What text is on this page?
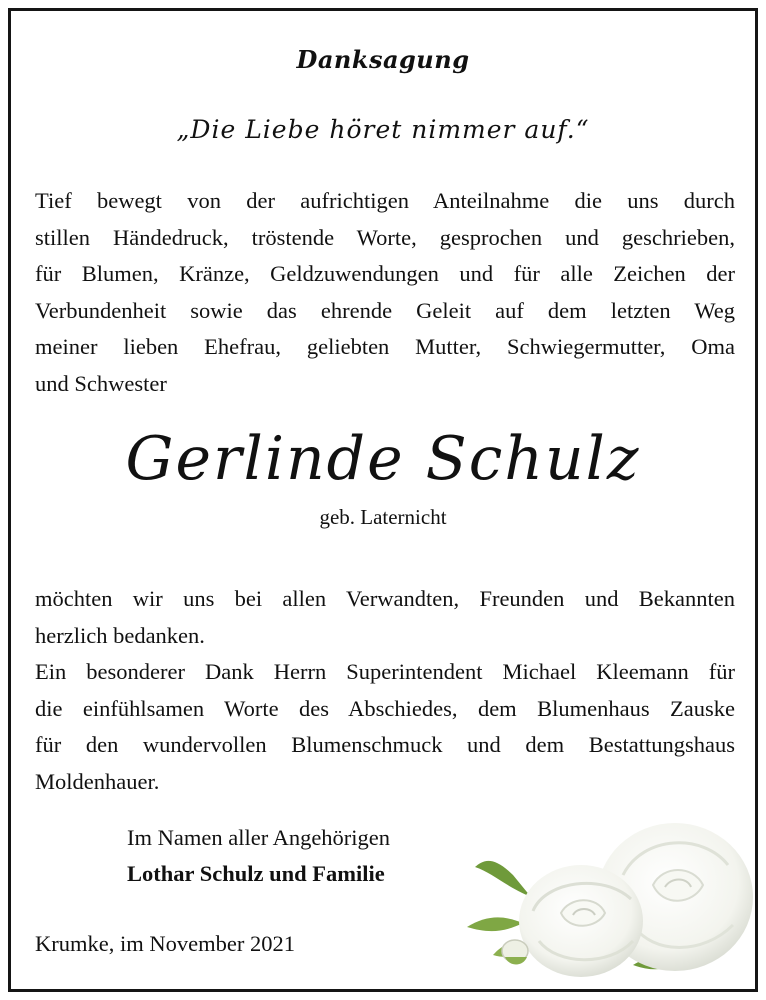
Danksagung
„Die Liebe höret nimmer auf.“
Tief bewegt von der aufrichtigen Anteilnahme die uns durch
stillen Händedruck, tröstende Worte, gesprochen und geschrieben,
für Blumen, Kränze, Geldzuwendungen und für alle Zeichen der
Verbundenheit sowie das ehrende Geleit auf dem letzten Weg
meiner lieben Ehefrau, geliebten Mutter, Schwiegermutter, Oma
und Schwester
Gerlinde Schulz
geb. Laternicht
möchten wir uns bei allen Verwandten, Freunden und Bekannten
herzlich bedanken.
Ein besonderer Dank Herrn Superintendent Michael Kleemann für
die einfühlsamen Worte des Abschiedes, dem Blumenhaus Zauske
für den wundervollen Blumenschmuck und dem Bestattungshaus
Moldenhauer.
Im Namen aller Angehörigen
Lothar Schulz und Familie
Krumke, im November 2021
